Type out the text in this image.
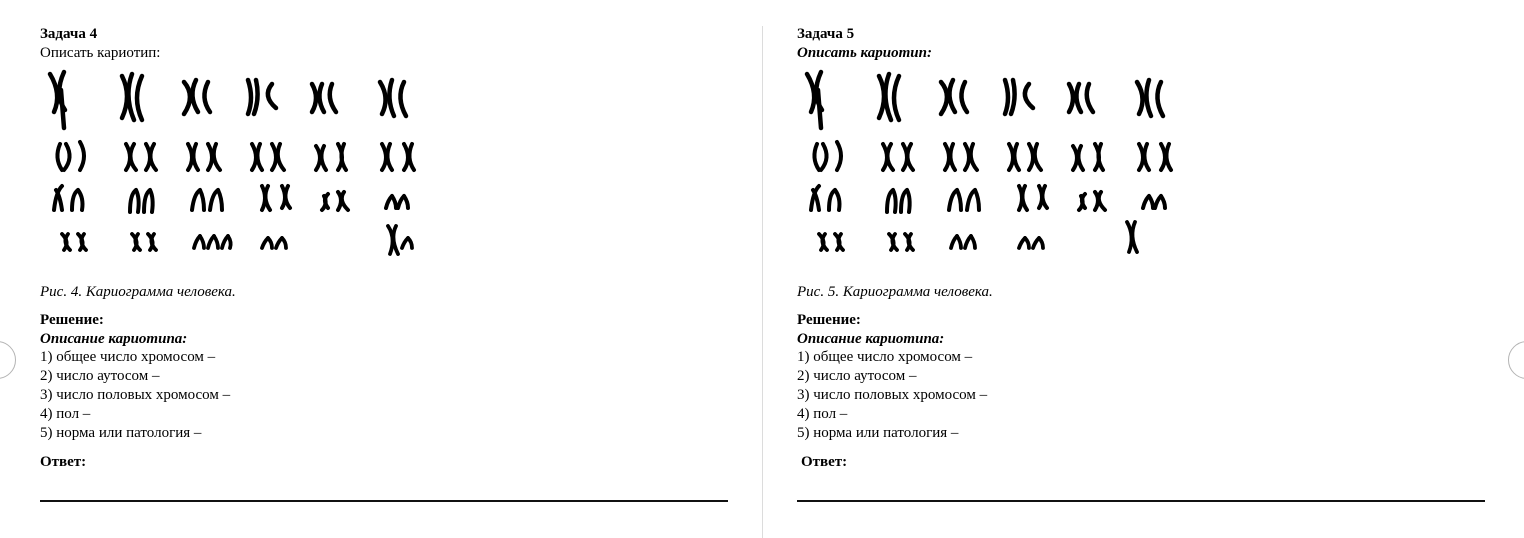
Задача 4
Описать кариотип:
Рис. 4. Кариограмма человека.
Решение:
Описание кариотипа:
1) общее число хромосом –
2) число аутосом –
3) число половых хромосом –
4) пол –
5) норма или патология –
Ответ:
Задача 5
Описать кариотип:
Рис. 5. Кариограмма человека.
Решение:
Описание кариотипа:
1) общее число хромосом –
2) число аутосом –
3) число половых хромосом –
4) пол –
5) норма или патология –
Ответ:
